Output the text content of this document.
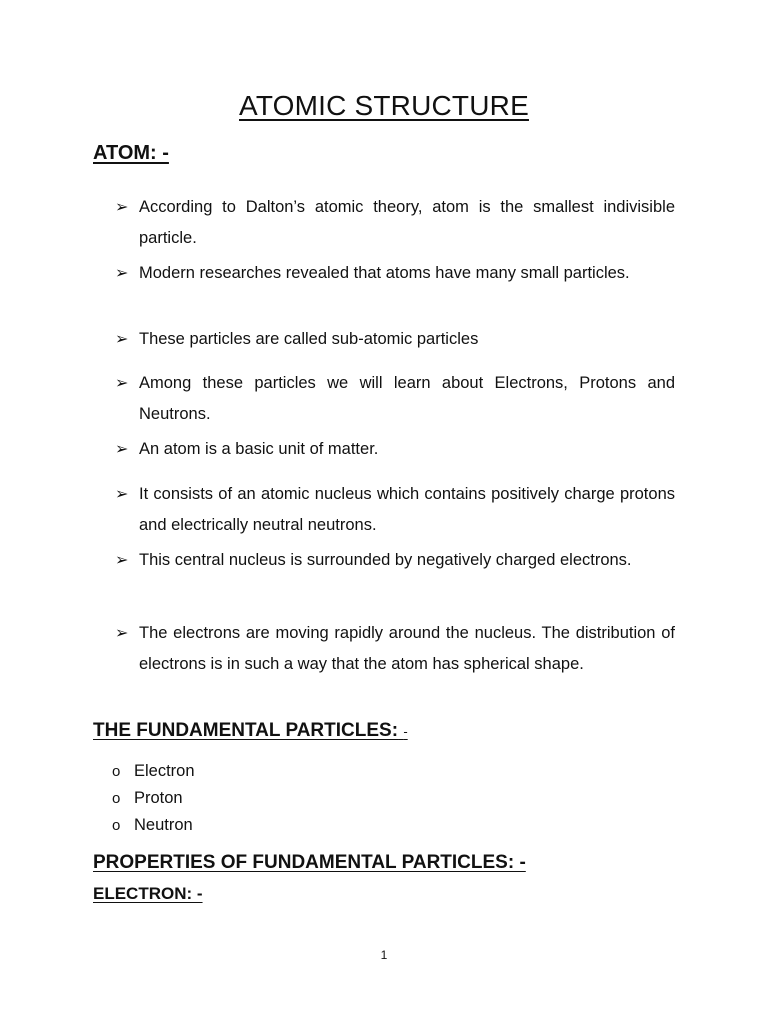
ATOMIC STRUCTURE
ATOM: -
➢ According to Dalton’s atomic theory, atom is the smallest indivisible particle.
➢ Modern researches revealed that atoms have many small particles.
➢ These particles are called sub-atomic particles
➢ Among these particles we will learn about Electrons, Protons and Neutrons.
➢ An atom is a basic unit of matter.
➢ It consists of an atomic nucleus which contains positively charge protons and electrically neutral neutrons.
➢ This central nucleus is surrounded by negatively charged electrons.
➢ The electrons are moving rapidly around the nucleus. The distribution of electrons is in such a way that the atom has spherical shape.
THE FUNDAMENTAL PARTICLES: -
o Electron
o Proton
o Neutron
PROPERTIES OF FUNDAMENTAL PARTICLES: -
ELECTRON: -
1
